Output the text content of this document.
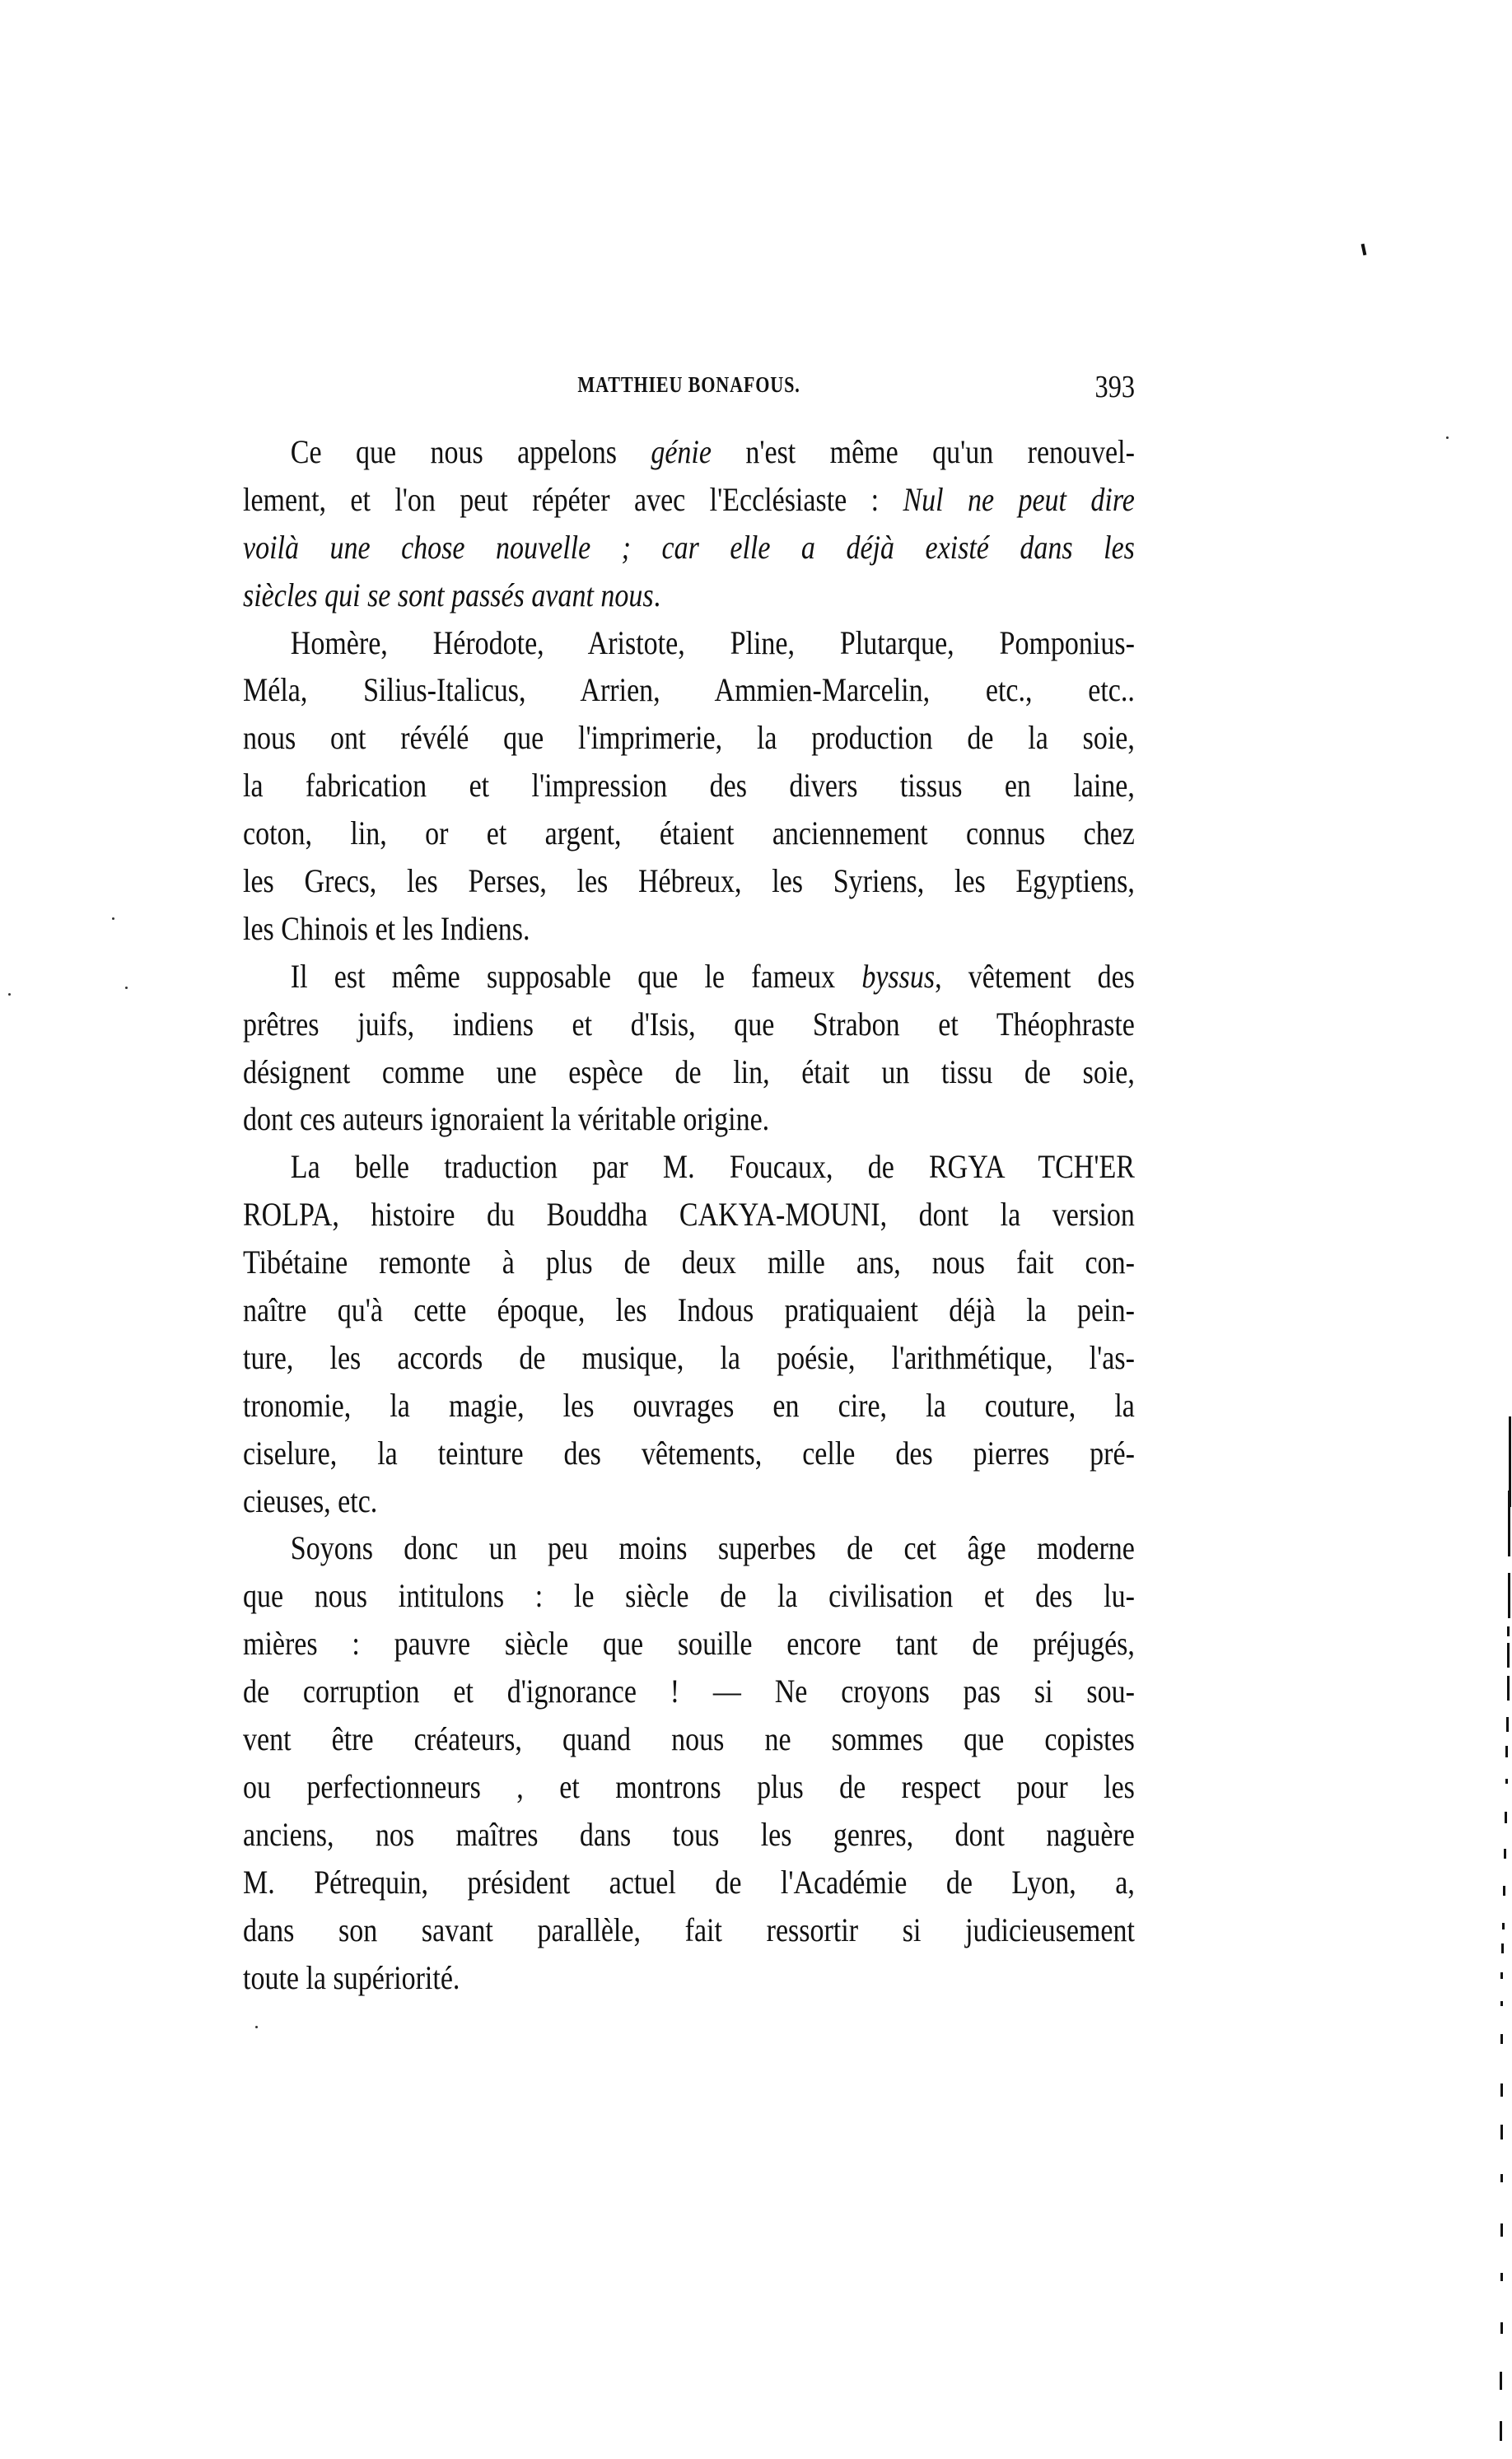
MATTHIEU BONAFOUS.	393
Ce que nous appelons génie n'est même qu'un renouvel-
lement, et l'on peut répéter avec l'Ecclésiaste : Nul ne peut dire
voilà une chose nouvelle ; car elle a déjà existé dans les
siècles qui se sont passés avant nous.
Homère, Hérodote, Aristote, Pline, Plutarque, Pomponius-
Méla, Silius-Italicus, Arrien, Ammien-Marcelin, etc., etc..
nous ont révélé que l'imprimerie, la production de la soie,
la fabrication et l'impression des divers tissus en laine,
coton, lin, or et argent, étaient anciennement connus chez
les Grecs, les Perses, les Hébreux, les Syriens, les Egyptiens,
les Chinois et les Indiens.
Il est même supposable que le fameux byssus, vêtement des
prêtres juifs, indiens et d'Isis, que Strabon et Théophraste
désignent comme une espèce de lin, était un tissu de soie,
dont ces auteurs ignoraient la véritable origine.
La belle traduction par M. Foucaux, de RGYA TCH'ER
ROLPA, histoire du Bouddha CAKYA-MOUNI, dont la version
Tibétaine remonte à plus de deux mille ans, nous fait con-
naître qu'à cette époque, les Indous pratiquaient déjà la pein-
ture, les accords de musique, la poésie, l'arithmétique, l'as-
tronomie, la magie, les ouvrages en cire, la couture, la
ciselure, la teinture des vêtements, celle des pierres pré-
cieuses, etc.
Soyons donc un peu moins superbes de cet âge moderne
que nous intitulons : le siècle de la civilisation et des lu-
mières : pauvre siècle que souille encore tant de préjugés,
de corruption et d'ignorance ! — Ne croyons pas si sou-
vent être créateurs, quand nous ne sommes que copistes
ou perfectionneurs , et montrons plus de respect pour les
anciens, nos maîtres dans tous les genres, dont naguère
M. Pétrequin, président actuel de l'Académie de Lyon, a,
dans son savant parallèle, fait ressortir si judicieusement
toute la supériorité.
